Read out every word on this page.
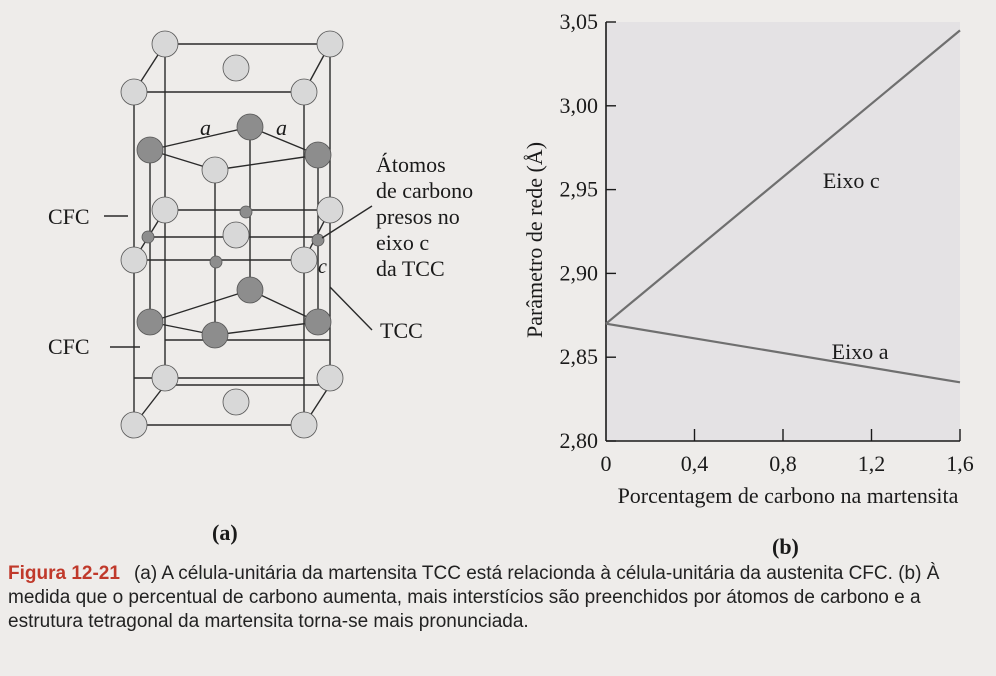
a	a
c
CFC
CFC
TCC
Átomos
de carbono
presos no
eixo c
da TCC
(a)
2,80
2,85
2,90
2,95
3,00
3,05
0	0,4	0,8	1,2	1,6
Eixo c
Eixo a
Porcentagem de carbono na martensita
Parâmetro de rede (Å)
(b)
Figura 12-21 (a) A célula-unitária da martensita TCC está relacionda à célula-unitária da austenita CFC. (b) À medida que o percentual de carbono aumenta, mais interstícios são preenchidos por átomos de carbono e a estrutura tetragonal da martensita torna-se mais pronunciada.
